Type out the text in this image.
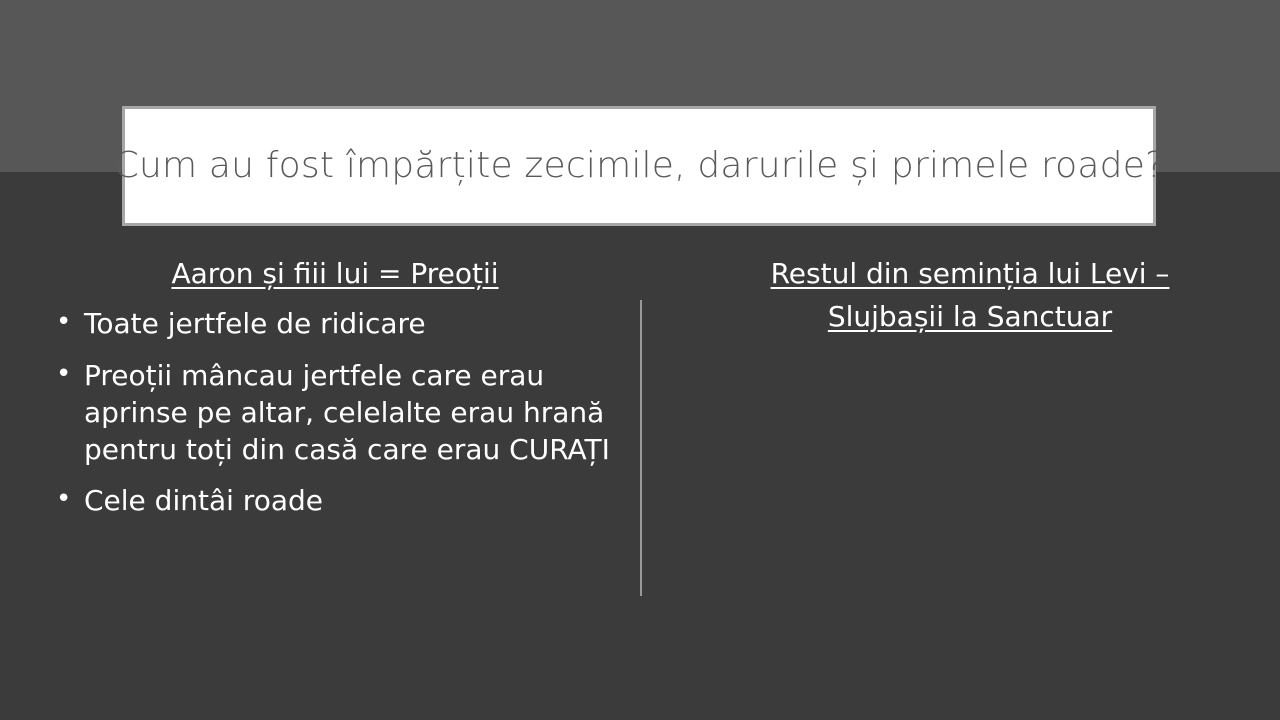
Cum au fost împărțite zecimile, darurile și primele roade?
Aaron și fiii lui = Preoții
• Toate jertfele de ridicare
• Preoții mâncau jertfele care erau aprinse pe altar, celelalte erau hrană pentru toți din casă care erau CURAȚI
• Cele dintâi roade
Restul din seminția lui Levi – Slujbașii la Sanctuar
